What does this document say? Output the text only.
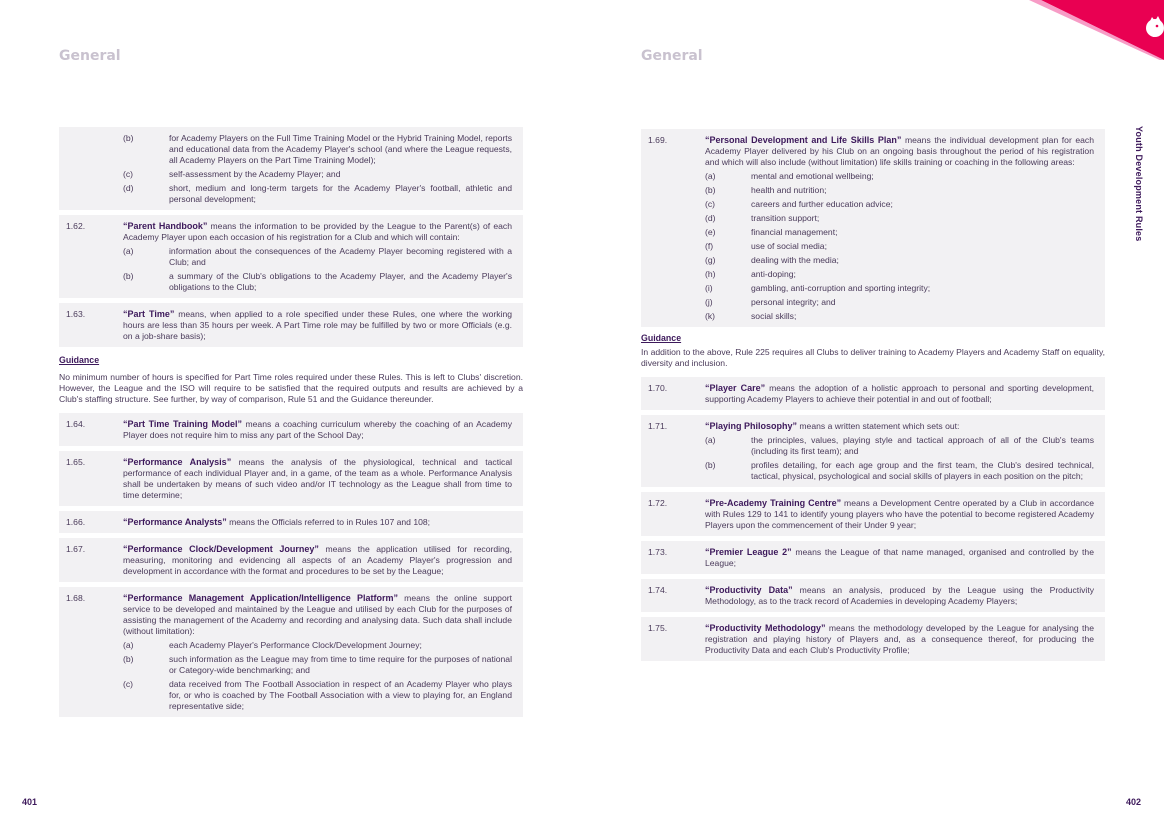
General	General
Youth Development Rules
(b)	for Academy Players on the Full Time Training Model or the Hybrid Training Model, reports and educational data from the Academy Player's school (and where the League requests, all Academy Players on the Part Time Training Model);
(c)	self-assessment by the Academy Player; and
(d)	short, medium and long-term targets for the Academy Player's football, athletic and personal development;
1.62.	“Parent Handbook” means the information to be provided by the League to the Parent(s) of each Academy Player upon each occasion of his registration for a Club and which will contain:
(a)	information about the consequences of the Academy Player becoming registered with a Club; and
(b)	a summary of the Club's obligations to the Academy Player, and the Academy Player's obligations to the Club;
1.63.	“Part Time” means, when applied to a role specified under these Rules, one where the working hours are less than 35 hours per week. A Part Time role may be fulfilled by two or more Officials (e.g. on a job-share basis);
Guidance
No minimum number of hours is specified for Part Time roles required under these Rules. This is left to Clubs' discretion. However, the League and the ISO will require to be satisfied that the required outputs and results are achieved by a Club's staffing structure. See further, by way of comparison, Rule 51 and the Guidance thereunder.
1.64.	“Part Time Training Model” means a coaching curriculum whereby the coaching of an Academy Player does not require him to miss any part of the School Day;
1.65.	“Performance Analysis” means the analysis of the physiological, technical and tactical performance of each individual Player and, in a game, of the team as a whole. Performance Analysis shall be undertaken by means of such video and/or IT technology as the League shall from time to time determine;
1.66.	“Performance Analysts” means the Officials referred to in Rules 107 and 108;
1.67.	“Performance Clock/Development Journey” means the application utilised for recording, measuring, monitoring and evidencing all aspects of an Academy Player's progression and development in accordance with the format and procedures to be set by the League;
1.68.	“Performance Management Application/Intelligence Platform” means the online support service to be developed and maintained by the League and utilised by each Club for the purposes of assisting the management of the Academy and recording and analysing data. Such data shall include (without limitation):
(a)	each Academy Player's Performance Clock/Development Journey;
(b)	such information as the League may from time to time require for the purposes of national or Category-wide benchmarking; and
(c)	data received from The Football Association in respect of an Academy Player who plays for, or who is coached by The Football Association with a view to playing for, an England representative side;
1.69.	“Personal Development and Life Skills Plan” means the individual development plan for each Academy Player delivered by his Club on an ongoing basis throughout the period of his registration and which will also include (without limitation) life skills training or coaching in the following areas:
(a)	mental and emotional wellbeing;
(b)	health and nutrition;
(c)	careers and further education advice;
(d)	transition support;
(e)	financial management;
(f)	use of social media;
(g)	dealing with the media;
(h)	anti-doping;
(i)	gambling, anti-corruption and sporting integrity;
(j)	personal integrity; and
(k)	social skills;
Guidance
In addition to the above, Rule 225 requires all Clubs to deliver training to Academy Players and Academy Staff on equality, diversity and inclusion.
1.70.	“Player Care” means the adoption of a holistic approach to personal and sporting development, supporting Academy Players to achieve their potential in and out of football;
1.71.	“Playing Philosophy” means a written statement which sets out:
(a)	the principles, values, playing style and tactical approach of all of the Club's teams (including its first team); and
(b)	profiles detailing, for each age group and the first team, the Club's desired technical, tactical, physical, psychological and social skills of players in each position on the pitch;
1.72.	“Pre-Academy Training Centre” means a Development Centre operated by a Club in accordance with Rules 129 to 141 to identify young players who have the potential to become registered Academy Players upon the commencement of their Under 9 year;
1.73.	“Premier League 2” means the League of that name managed, organised and controlled by the League;
1.74.	“Productivity Data” means an analysis, produced by the League using the Productivity Methodology, as to the track record of Academies in developing Academy Players;
1.75.	“Productivity Methodology” means the methodology developed by the League for analysing the registration and playing history of Players and, as a consequence thereof, for producing the Productivity Data and each Club's Productivity Profile;
401	402
